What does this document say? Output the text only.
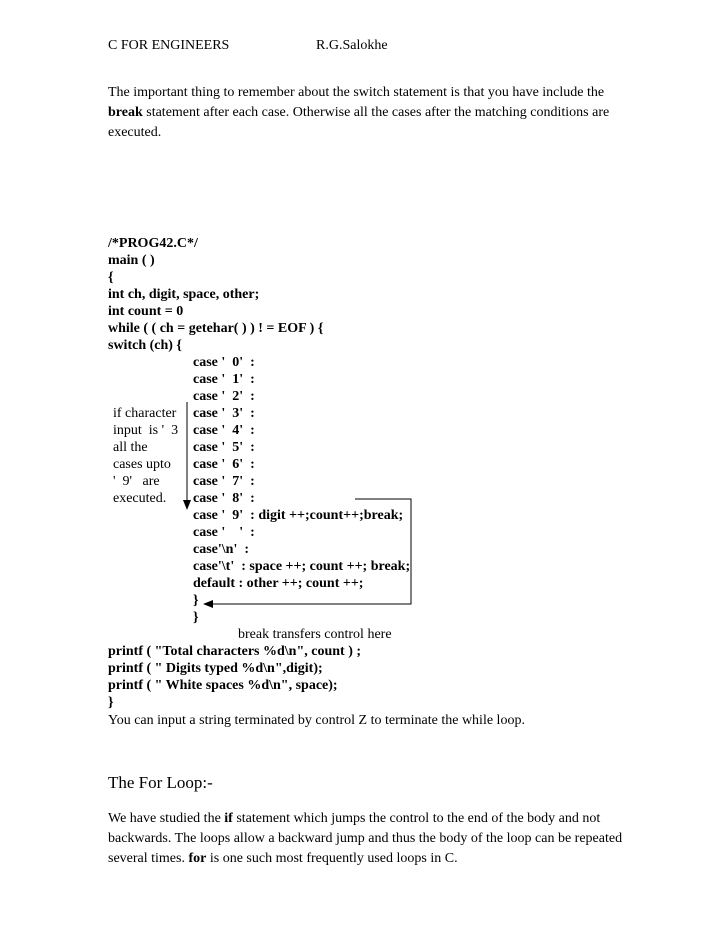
C FOR ENGINEERS	R.G.Salokhe
The important thing to remember about the switch statement is that you have include the break statement after each case. Otherwise all the cases after the matching conditions are executed.
/*PROG42.C*/
main ( )
{
int ch, digit, space, other;
int count = 0
while ( ( ch = getehar( ) ) ! = EOF ) {
switch (ch) {
case '  0'  :
case '  1'  :
case '  2'  :
case '  3'  :
case '  4'  :
case '  5'  :
case '  6'  :
case '  7'  :
case '  8'  :
case '  9'  : digit ++;count++;break;
case '    '  :
case'\n'  :
case'\t'  : space ++; count ++; break;
default : other ++; count ++;
}
}
printf ( "Total characters %d\n", count ) ;
printf ( " Digits typed %d\n",digit);
printf ( " White spaces %d\n", space);
}
if character
input  is '  3
all the
cases upto
'  9'   are
executed.
break transfers control here
You can input a string terminated by control Z to terminate the while loop.
The For Loop:-
We have studied the if statement which jumps the control to the end of the body and not backwards. The loops allow a backward jump and thus the body of the loop can be repeated several times. for is one such most frequently used loops in C.
